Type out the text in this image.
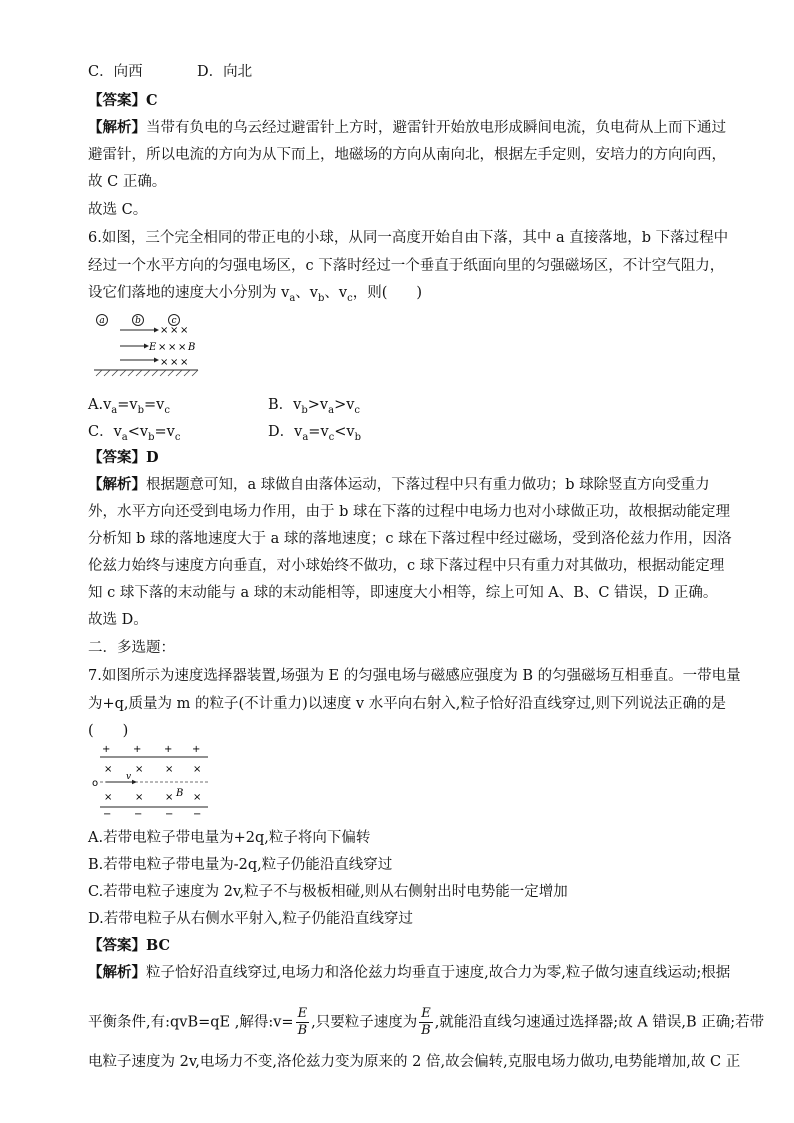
C．向西	D．向北
【答案】C
【解析】当带有负电的乌云经过避雷针上方时，避雷针开始放电形成瞬间电流，负电荷从上而下通过
避雷针，所以电流的方向为从下而上，地磁场的方向从南向北，根据左手定则，安培力的方向向西，
故 C 正确。
故选 C。
6.如图，三个完全相同的带正电的小球，从同一高度开始自由下落，其中 a 直接落地，b 下落过程中
经过一个水平方向的匀强电场区，c 下落时经过一个垂直于纸面向里的匀强磁场区，不计空气阻力，
设它们落地的速度大小分别为 $v_a$、$v_b$、$v_c$，则(　　)
a	b	c
E
× × ×
× × ×
× × ×
B
$A.v_a=v_b=v_c$	B．$v_b>v_a>v_c$
C．$v_a<v_b=v_c$	D．$v_a=v_c<v_b$
【答案】D
【解析】根据题意可知，a 球做自由落体运动，下落过程中只有重力做功；b 球除竖直方向受重力
外，水平方向还受到电场力作用，由于 b 球在下落的过程中电场力也对小球做正功，故根据动能定理
分析知 b 球的落地速度大于 a 球的落地速度；c 球在下落过程中经过磁场，受到洛伦兹力作用，因洛
伦兹力始终与速度方向垂直，对小球始终不做功，c 球下落过程中只有重力对其做功，根据动能定理
知 c 球下落的末动能与 a 球的末动能相等，即速度大小相等，综上可知 A、B、C 错误，D 正确。
故选 D。
二．多选题：
7.如图所示为速度选择器装置,场强为 E 的匀强电场与磁感应强度为 B 的匀强磁场互相垂直。一带电量
为+q,质量为 m 的粒子(不计重力)以速度 v 水平向右射入,粒子恰好沿直线穿过,则下列说法正确的是
(　　)
+ + + +
× × × ×
× × × ×
o
v
B
− − − −
A.若带电粒子带电量为+2q,粒子将向下偏转
B.若带电粒子带电量为-2q,粒子仍能沿直线穿过
C.若带电粒子速度为 2v,粒子不与极板相碰,则从右侧射出时电势能一定增加
D.若带电粒子从右侧水平射入,粒子仍能沿直线穿过
【答案】BC
【解析】粒子恰好沿直线穿过,电场力和洛伦兹力均垂直于速度,故合力为零,粒子做匀速直线运动;根据
平衡条件,有:qvB=qE ,解得:v= $\frac{E}{B}$ ,只要粒子速度为 $\frac{E}{B}$ ,就能沿直线匀速通过选择器;故 A 错误,B 正确;若带
电粒子速度为 2v,电场力不变,洛伦兹力变为原来的 2 倍,故会偏转,克服电场力做功,电势能增加,故 C 正
